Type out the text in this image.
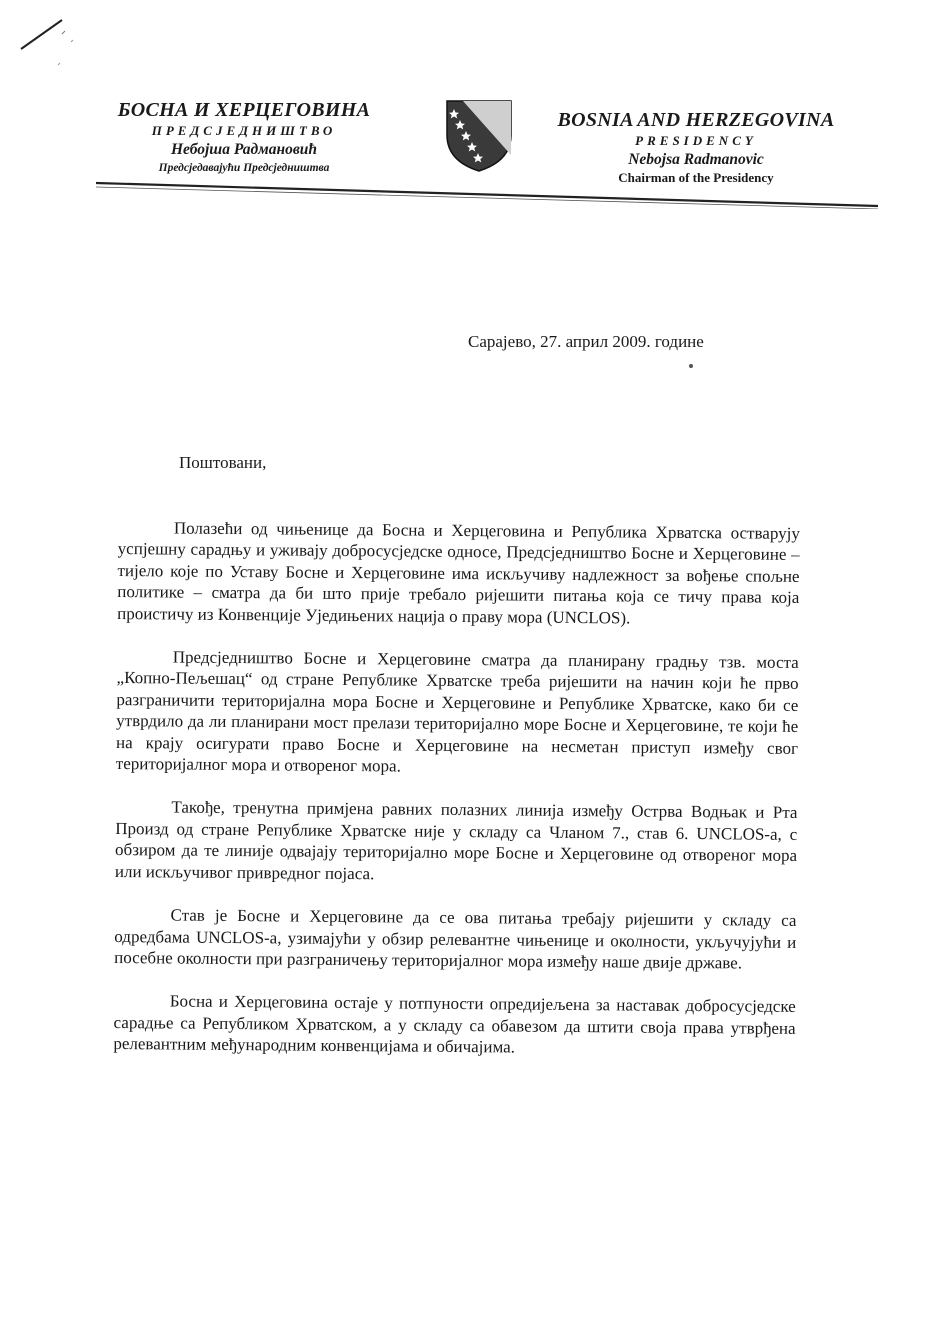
БОСНА И ХЕРЦЕГОВИНА
ПРЕДСЈЕДНИШТВО
Небојша Радмановић
Предсједавајући Предсједништва
BOSNIA AND HERZEGOVINA
PRESIDENCY
Nebojsa Radmanovic
Chairman of the Presidency
Сарајево, 27. април 2009. године
Поштовани,

Полазећи од чињенице да Босна и Херцеговина и Република Хрватска остварују успјешну сарадњу и уживају добросусједске односе, Предсједништво Босне и Херцеговине – тијело које по Уставу Босне и Херцеговине има искључиву надлежност за вођење спољне политике – сматра да би што прије требало ријешити питања која се тичу права која проистичу из Конвенције Уједињених нација о праву мора (UNCLOS).

Предсједништво Босне и Херцеговине сматра да планирану градњу тзв. моста „Копно-Пељешац“ од стране Републике Хрватске треба ријешити на начин који ће прво разграничити територијална мора Босне и Херцеговине и Републике Хрватске, како би се утврдило да ли планирани мост прелази територијално море Босне и Херцеговине, те који ће на крају осигурати право Босне и Херцеговине на несметан приступ између свог територијалног мора и отвореног мора.

Такође, тренутна примјена равних полазних линија између Острва Водњак и Рта Произд од стране Републике Хрватске није у складу са Чланом 7., став 6. UNCLOS-а, с обзиром да те линије одвајају територијално море Босне и Херцеговине од отвореног мора или искључивог привредног појаса.

Став је Босне и Херцеговине да се ова питања требају ријешити у складу са одредбама UNCLOS-а, узимајући у обзир релевантне чињенице и околности, укључујући и посебне околности при разграничењу територијалног мора између наше двије државе.

Босна и Херцеговина остаје у потпуности опредијељена за наставак добросусједске сарадње са Републиком Хрватском, а у складу са обавезом да штити своја права утврђена релевантним међународним конвенцијама и обичајима.
